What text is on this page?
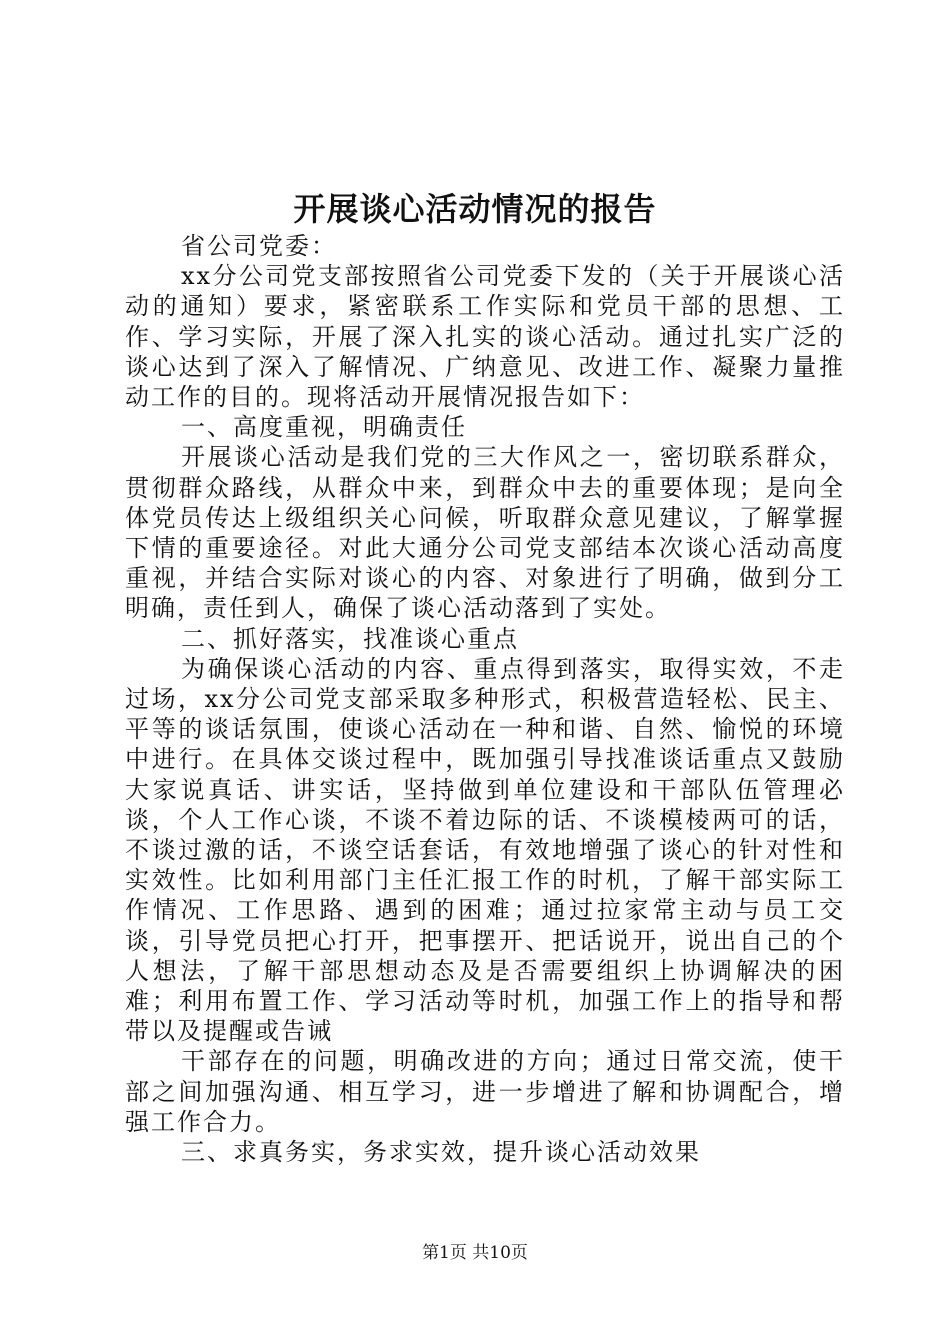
开展谈心活动情况的报告

省公司党委：

xx分公司党支部按照省公司党委下发的（关于开展谈心活动的通知）要求，紧密联系工作实际和党员干部的思想、工作、学习实际，开展了深入扎实的谈心活动。通过扎实广泛的谈心达到了深入了解情况、广纳意见、改进工作、凝聚力量推动工作的目的。现将活动开展情况报告如下：

一、高度重视，明确责任

开展谈心活动是我们党的三大作风之一，密切联系群众，贯彻群众路线，从群众中来，到群众中去的重要体现；是向全体党员传达上级组织关心问候，听取群众意见建议，了解掌握下情的重要途径。对此大通分公司党支部结本次谈心活动高度重视，并结合实际对谈心的内容、对象进行了明确，做到分工明确，责任到人，确保了谈心活动落到了实处。

二、抓好落实，找准谈心重点

为确保谈心活动的内容、重点得到落实，取得实效，不走过场，xx分公司党支部采取多种形式，积极营造轻松、民主、平等的谈话氛围，使谈心活动在一种和谐、自然、愉悦的环境中进行。在具体交谈过程中，既加强引导找准谈话重点又鼓励大家说真话、讲实话，坚持做到单位建设和干部队伍管理必谈，个人工作心谈，不谈不着边际的话、不谈模棱两可的话，不谈过激的话，不谈空话套话，有效地增强了谈心的针对性和实效性。比如利用部门主任汇报工作的时机，了解干部实际工作情况、工作思路、遇到的困难；通过拉家常主动与员工交谈，引导党员把心打开，把事摆开、把话说开，说出自己的个人想法，了解干部思想动态及是否需要组织上协调解决的困难；利用布置工作、学习活动等时机，加强工作上的指导和帮带以及提醒或告诫

干部存在的问题，明确改进的方向；通过日常交流，使干部之间加强沟通、相互学习，进一步增进了解和协调配合，增强工作合力。

三、求真务实，务求实效，提升谈心活动效果

第1页 共10页
